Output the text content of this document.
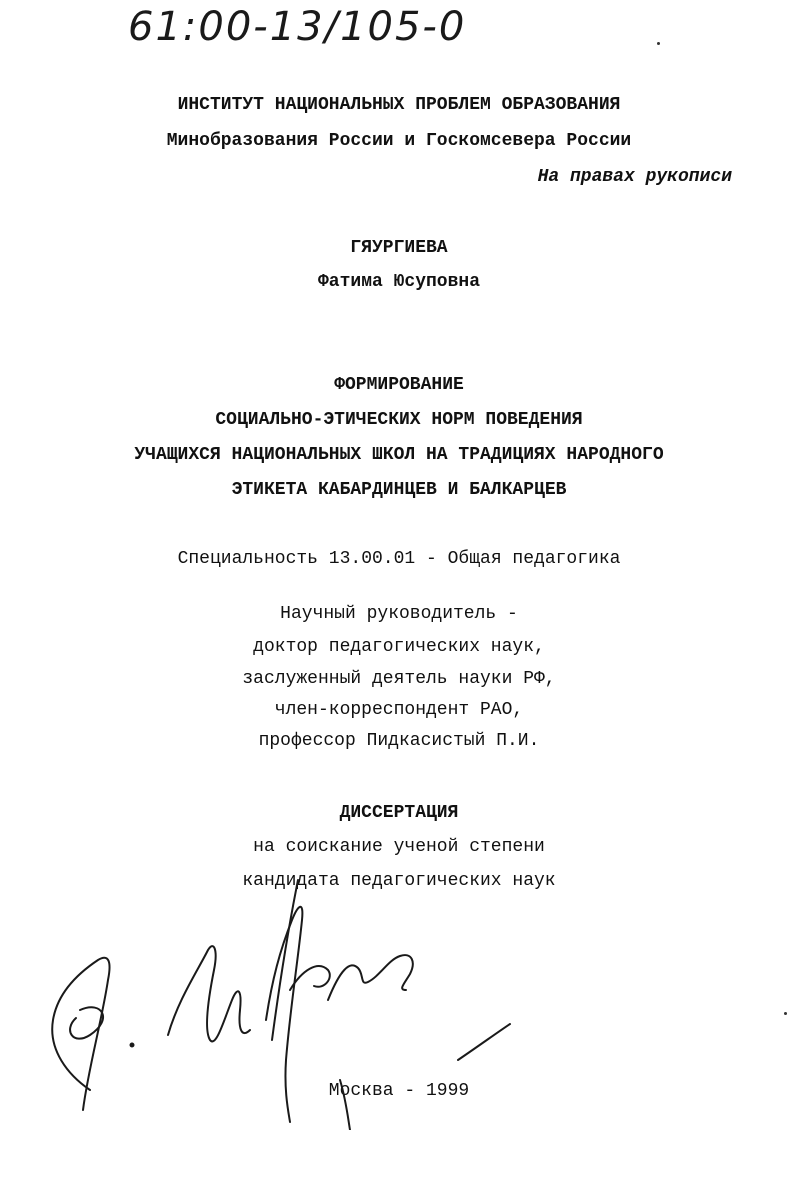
61:00-13/105-0
ИНСТИТУТ НАЦИОНАЛЬНЫХ ПРОБЛЕМ ОБРАЗОВАНИЯ
Минобразования России и Госкомсевера России
На правах рукописи
ГЯУРГИЕВА
Фатима Юсуповна
ФОРМИРОВАНИЕ
СОЦИАЛЬНО-ЭТИЧЕСКИХ НОРМ ПОВЕДЕНИЯ
УЧАЩИХСЯ НАЦИОНАЛЬНЫХ ШКОЛ НА ТРАДИЦИЯХ НАРОДНОГО
ЭТИКЕТА КАБАРДИНЦЕВ И БАЛКАРЦЕВ
Специальность 13.00.01 - Общая педагогика
Научный руководитель -
доктор педагогических наук,
заслуженный деятель науки РФ,
член-корреспондент РАО,
профессор Пидкасистый П.И.
ДИССЕРТАЦИЯ
на соискание ученой степени
кандидата педагогических наук
Москва - 1999
